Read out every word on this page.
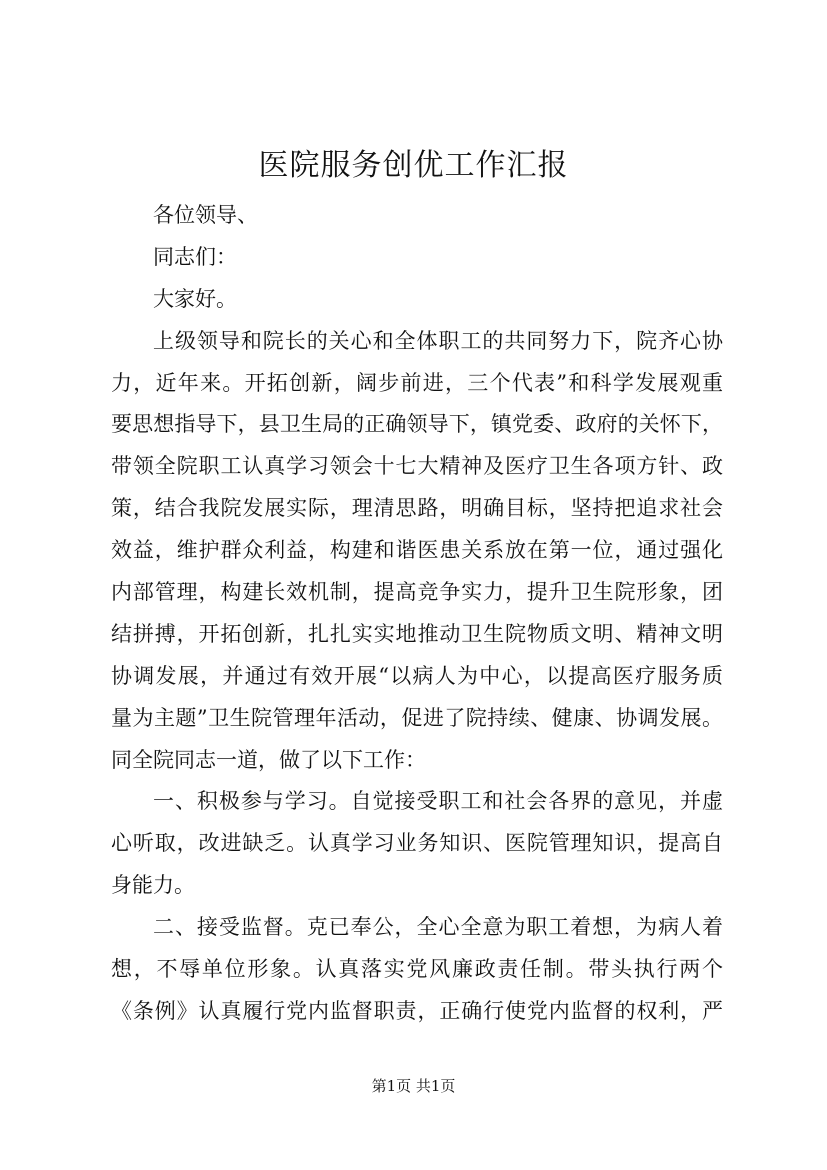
医院服务创优工作汇报
各位领导、
同志们：
大家好。
上级领导和院长的关心和全体职工的共同努力下，院齐心协
力，近年来。开拓创新，阔步前进，三个代表”和科学发展观重
要思想指导下，县卫生局的正确领导下，镇党委、政府的关怀下，
带领全院职工认真学习领会十七大精神及医疗卫生各项方针、政
策，结合我院发展实际，理清思路，明确目标，坚持把追求社会
效益，维护群众利益，构建和谐医患关系放在第一位，通过强化
内部管理，构建长效机制，提高竞争实力，提升卫生院形象，团
结拼搏，开拓创新，扎扎实实地推动卫生院物质文明、精神文明
协调发展，并通过有效开展“以病人为中心，以提高医疗服务质
量为主题”卫生院管理年活动，促进了院持续、健康、协调发展。
同全院同志一道，做了以下工作：
一、积极参与学习。自觉接受职工和社会各界的意见，并虚
心听取，改进缺乏。认真学习业务知识、医院管理知识，提高自
身能力。
二、接受监督。克已奉公，全心全意为职工着想，为病人着
想，不辱单位形象。认真落实党风廉政责任制。带头执行两个
《条例》认真履行党内监督职责，正确行使党内监督的权利，严
第1页 共1页
